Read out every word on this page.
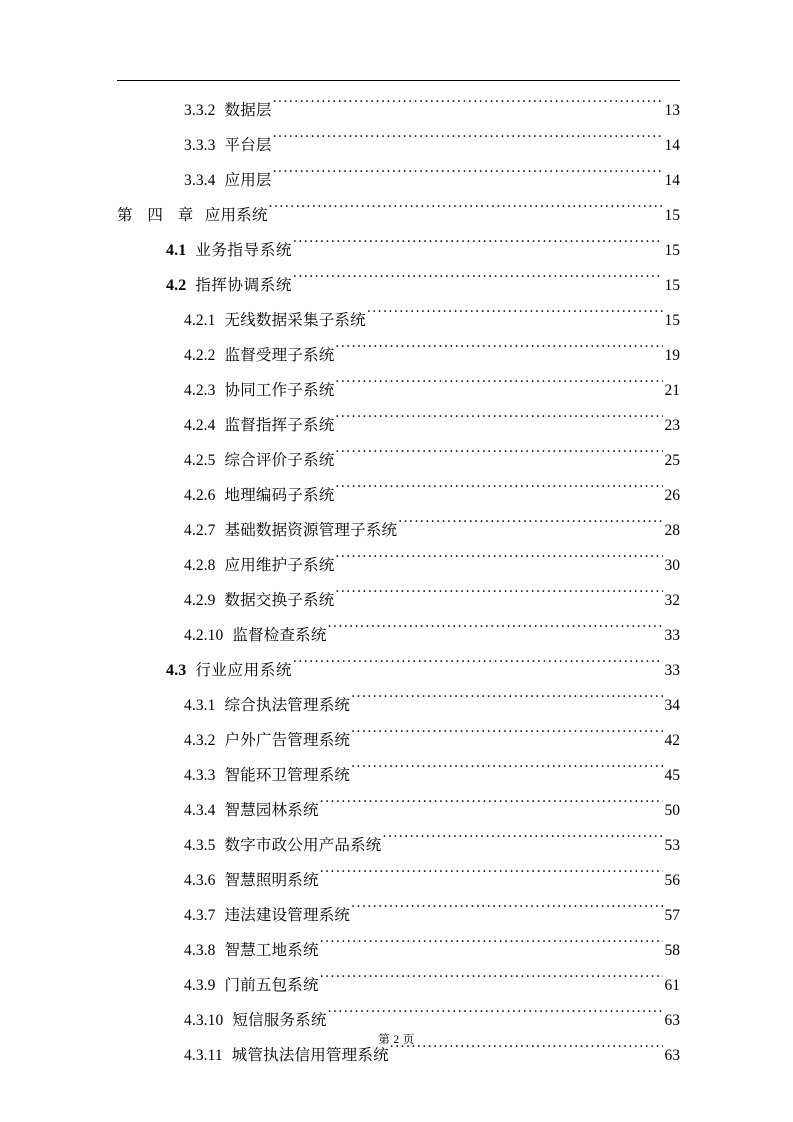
3.3.2 数据层 .....	13
3.3.3 平台层 .....	14
3.3.4 应用层 .....	14
第 四 章 应用系统 .....	15
4.1 业务指导系统 .....	15
4.2 指挥协调系统 .....	15
4.2.1 无线数据采集子系统 .....	15
4.2.2 监督受理子系统 .....	19
4.2.3 协同工作子系统 .....	21
4.2.4 监督指挥子系统 .....	23
4.2.5 综合评价子系统 .....	25
4.2.6 地理编码子系统 .....	26
4.2.7 基础数据资源管理子系统 .....	28
4.2.8 应用维护子系统 .....	30
4.2.9 数据交换子系统 .....	32
4.2.10 监督检查系统 .....	33
4.3 行业应用系统 .....	33
4.3.1 综合执法管理系统 .....	34
4.3.2 户外广告管理系统 .....	42
4.3.3 智能环卫管理系统 .....	45
4.3.4 智慧园林系统 .....	50
4.3.5 数字市政公用产品系统 .....	53
4.3.6 智慧照明系统 .....	56
4.3.7 违法建设管理系统 .....	57
4.3.8 智慧工地系统 .....	58
4.3.9 门前五包系统 .....	61
4.3.10 短信服务系统 .....	63
4.3.11 城管执法信用管理系统 .....	63
第 2 页
